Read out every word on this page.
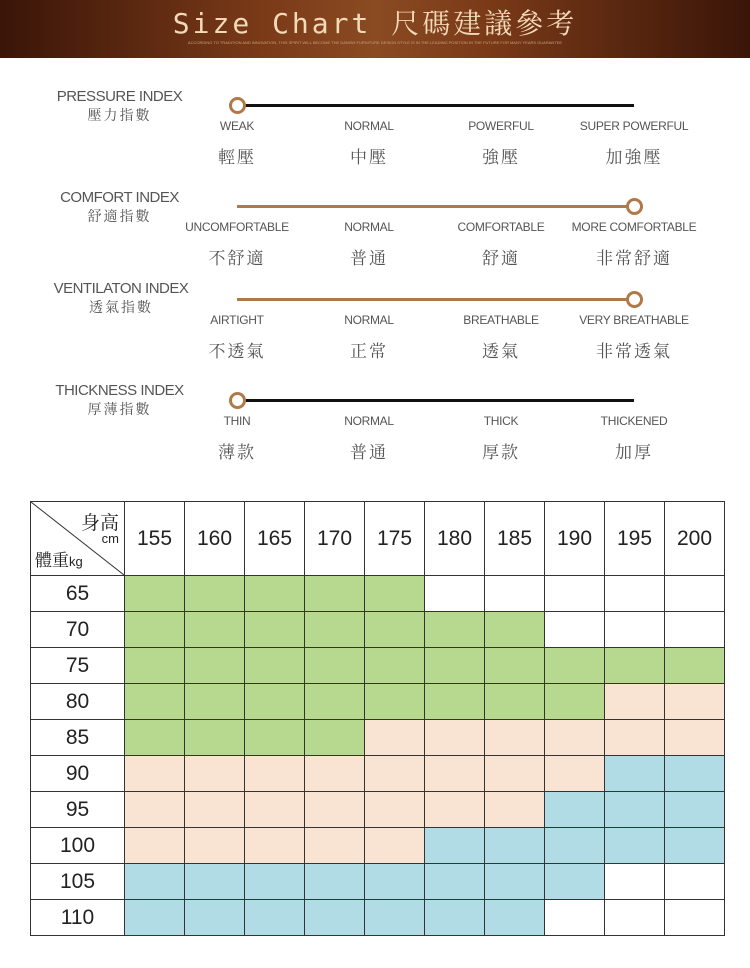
Size Chart 尺碼建議參考
ACCORDING TO TRADITION AND INNOVATION, THIS SPIRIT WILL BECOME THE DANISH FURNITURE DESIGN STYLE IS IN THE LEADING POSITION IN THE FUTURE FOR MANY YEARS GUARANTEE
PRESSURE INDEX
壓力指數
WEAK
輕壓
NORMAL
中壓
POWERFUL
強壓
SUPER POWERFUL
加強壓
COMFORT INDEX
舒適指數
UNCOMFORTABLE
不舒適
NORMAL
普通
COMFORTABLE
舒適
MORE COMFORTABLE
非常舒適
VENTILATON INDEX
透氣指數
AIRTIGHT
不透氣
NORMAL
正常
BREATHABLE
透氣
VERY BREATHABLE
非常透氣
THICKNESS INDEX
厚薄指數
THIN
薄款
NORMAL
普通
THICK
厚款
THICKENED
加厚
身高
cm
體重kg	155	160	165	170	175	180	185	190	195	200
65										
70										
75										
80										
85										
90										
95										
100										
105										
110										
